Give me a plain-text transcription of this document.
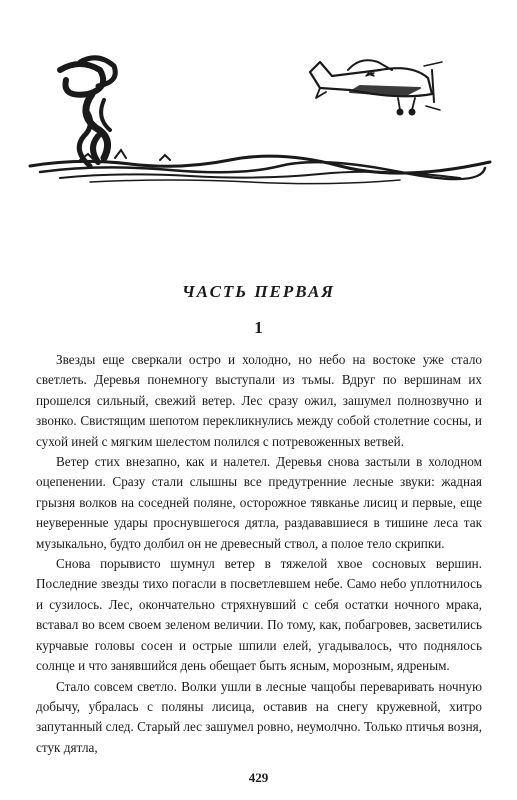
ЧАСТЬ ПЕРВАЯ
1

Звезды еще сверкали остро и холодно, но небо на востоке уже стало светлеть. Деревья понемногу выступали из тьмы. Вдруг по вершинам их прошелся сильный, свежий ветер. Лес сразу ожил, зашумел полнозвучно и звонко. Свистящим шепотом перекликнулись между собой столетние сосны, и сухой иней с мягким шелестом полился с потревоженных ветвей.

Ветер стих внезапно, как и налетел. Деревья снова застыли в холодном оцепенении. Сразу стали слышны все предутренние лесные звуки: жадная грызня волков на соседней поляне, осторожное тявканье лисиц и первые, еще неуверенные удары проснувшегося дятла, раздававшиеся в тишине леса так музыкально, будто долбил он не древесный ствол, а полое тело скрипки.

Снова порывисто шумнул ветер в тяжелой хвое сосновых вершин. Последние звезды тихо погасли в посветлевшем небе. Само небо уплотнилось и сузилось. Лес, окончательно стряхнувший с себя остатки ночного мрака, вставал во всем своем зеленом величии. По тому, как, побагровев, засветились курчавые головы сосен и острые шпили елей, угадывалось, что поднялось солнце и что занявшийся день обещает быть ясным, морозным, ядреным.

Стало совсем светло. Волки ушли в лесные чащобы переваривать ночную добычу, убралась с поляны лисица, оставив на снегу кружевной, хитро запутанный след. Старый лес зашумел ровно, неумолчно. Только птичья возня, стук дятла,

429
